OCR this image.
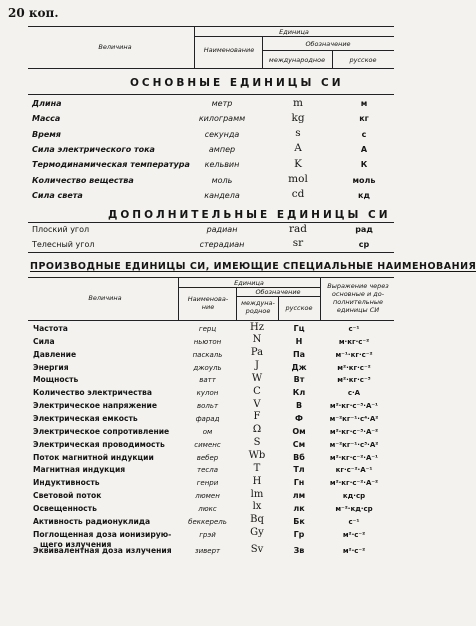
20 коп.
Величина
Единица
Наименование
Обозначение
международное	русское
ОСНОВНЫЕ ЕДИНИЦЫ СИ
Длина	метр	m	м
Масса	килограмм	kg	кг
Время	секунда	s	с
Сила электрического тока	ампер	A	А
Термодинамическая температура	кельвин	K	К
Количество вещества	моль	mol	моль
Сила света	кандела	cd	кд
ДОПОЛНИТЕЛЬНЫЕ ЕДИНИЦЫ СИ
Плоский угол	радиан	rad	рад
Телесный угол	стерадиан	sr	ср
ПРОИЗВОДНЫЕ ЕДИНИЦЫ СИ, ИМЕЮЩИЕ СПЕЦИАЛЬНЫЕ НАИМЕНОВАНИЯ
Величина
Единица
Наименова-ние
Обозначение
междуна-родное	русское
Выражение через основные и до-полнительные единицы СИ
Частота	герц	Hz	Гц	с⁻¹
Сила	ньютон	N	Н	м·кг·с⁻²
Давление	паскаль	Pa	Па	м⁻¹·кг·с⁻²
Энергия	джоуль	J	Дж	м²·кг·с⁻²
Мощность	ватт	W	Вт	м²·кг·с⁻³
Количество электричества	кулон	C	Кл	с·А
Электрическое напряжение	вольт	V	В	м²·кг·с⁻³·А⁻¹
Электрическая емкость	фарад	F	Ф	м⁻²кг⁻¹·с⁴·А²
Электрическое сопротивление	ом	Ω	Ом	м²·кг·с⁻³·А⁻²
Электрическая проводимость	сименс	S	См	м⁻²кг⁻¹·с³·А²
Поток магнитной индукции	вебер	Wb	Вб	м²·кг·с⁻²·А⁻¹
Магнитная индукция	тесла	T	Тл	кг·с⁻²·А⁻¹
Индуктивность	генри	H	Гн	м²·кг·с⁻²·А⁻²
Световой поток	люмен	lm	лм	кд·ср
Освещенность	люкс	lx	лк	м⁻²·кд·ср
Активность радионуклида	беккерель	Bq	Бк	с⁻¹
Поглощенная доза ионизирую-
щего излучения
грэй	Gy	Гр	м²·с⁻²
Эквивалентная доза излучения	зиверт	Sv	Зв	м²·с⁻²
